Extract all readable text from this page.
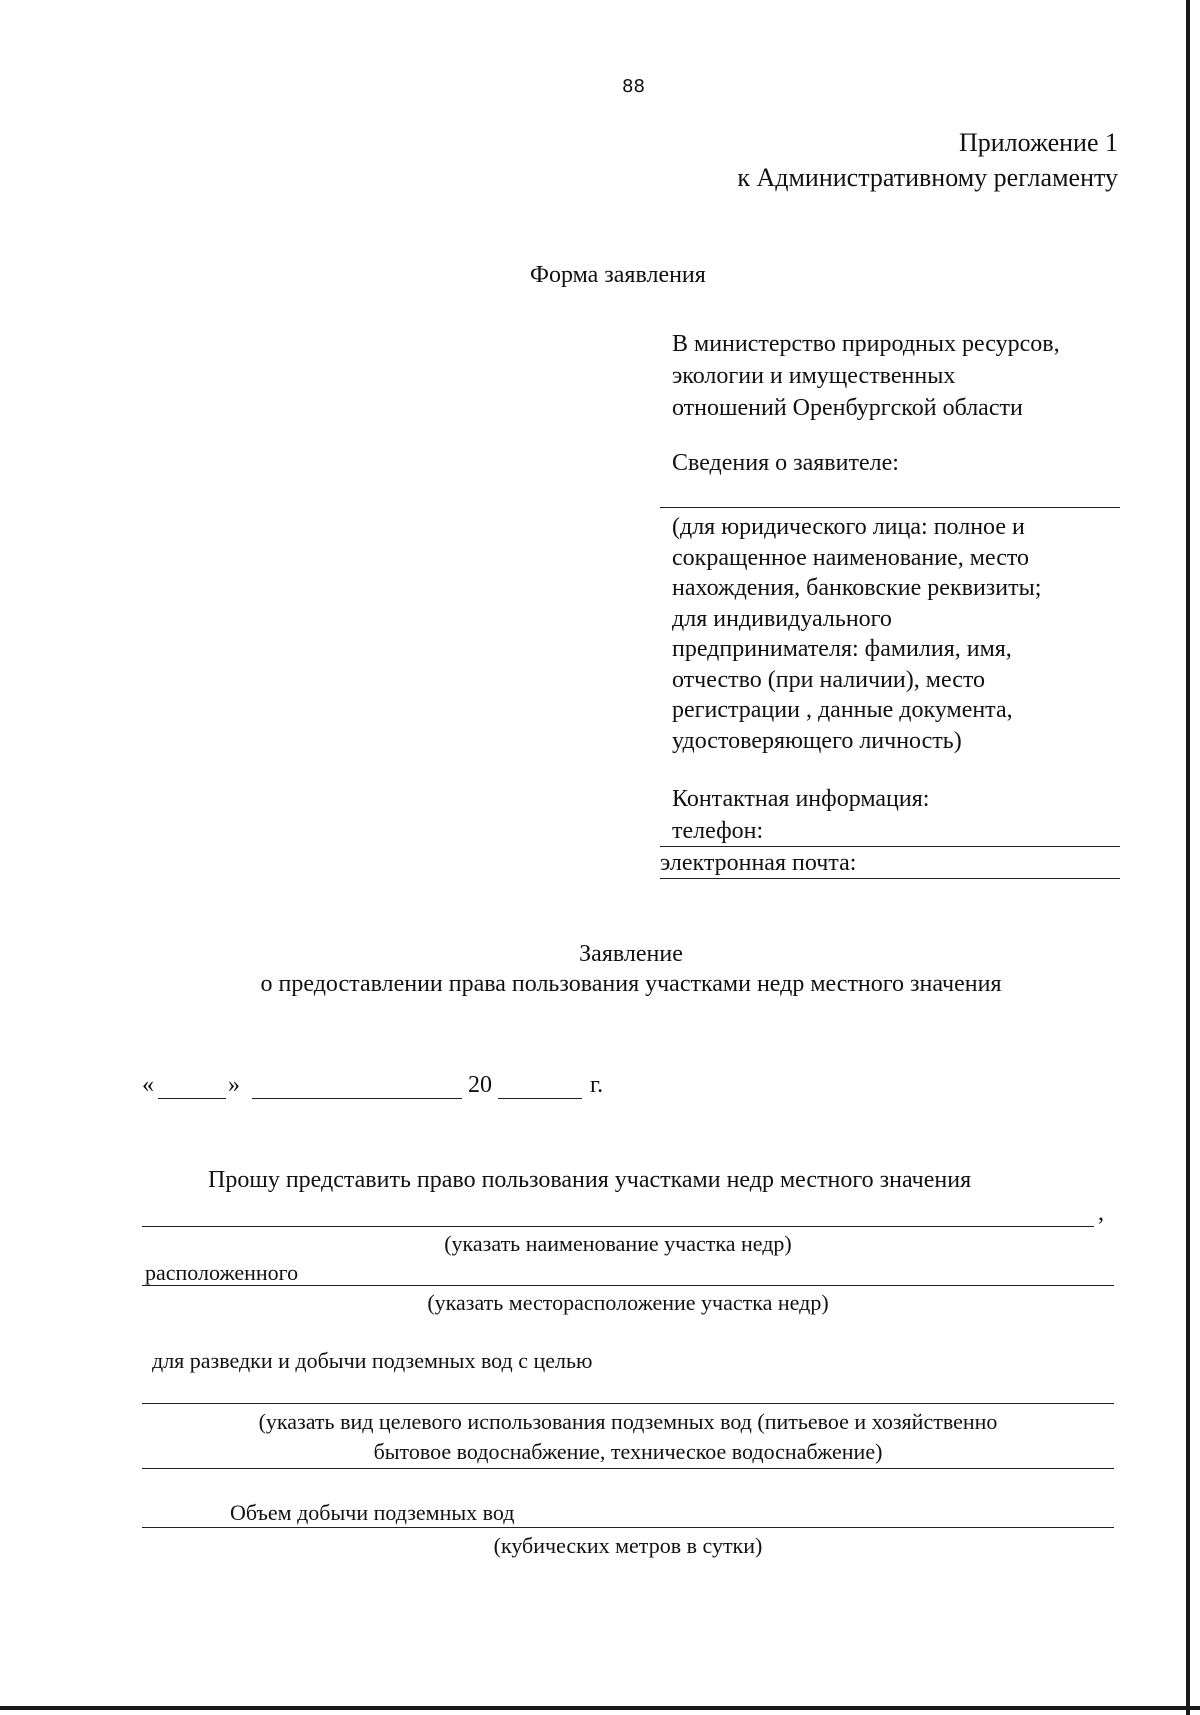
88
Приложение 1
к Административному регламенту
Форма заявления
В министерство природных ресурсов,
экологии и имущественных
отношений Оренбургской области
Сведения о заявителе:
(для юридического лица: полное и
сокращенное наименование, место
нахождения, банковские реквизиты;
для индивидуального
предпринимателя: фамилия, имя,
отчество (при наличии), место
регистрации , данные документа,
удостоверяющего личность)
Контактная информация:
телефон:
электронная почта:
Заявление
о предоставлении права пользования участками недр местного значения
«	»	20	г.
Прошу представить право пользования участками недр местного значения
,
(указать наименование участка недр)
расположенного
(указать месторасположение участка недр)
для разведки и добычи подземных вод с целью
(указать вид целевого использования подземных вод (питьевое и хозяйственно
бытовое водоснабжение, техническое водоснабжение)
Объем добычи подземных вод
(кубических метров в сутки)
